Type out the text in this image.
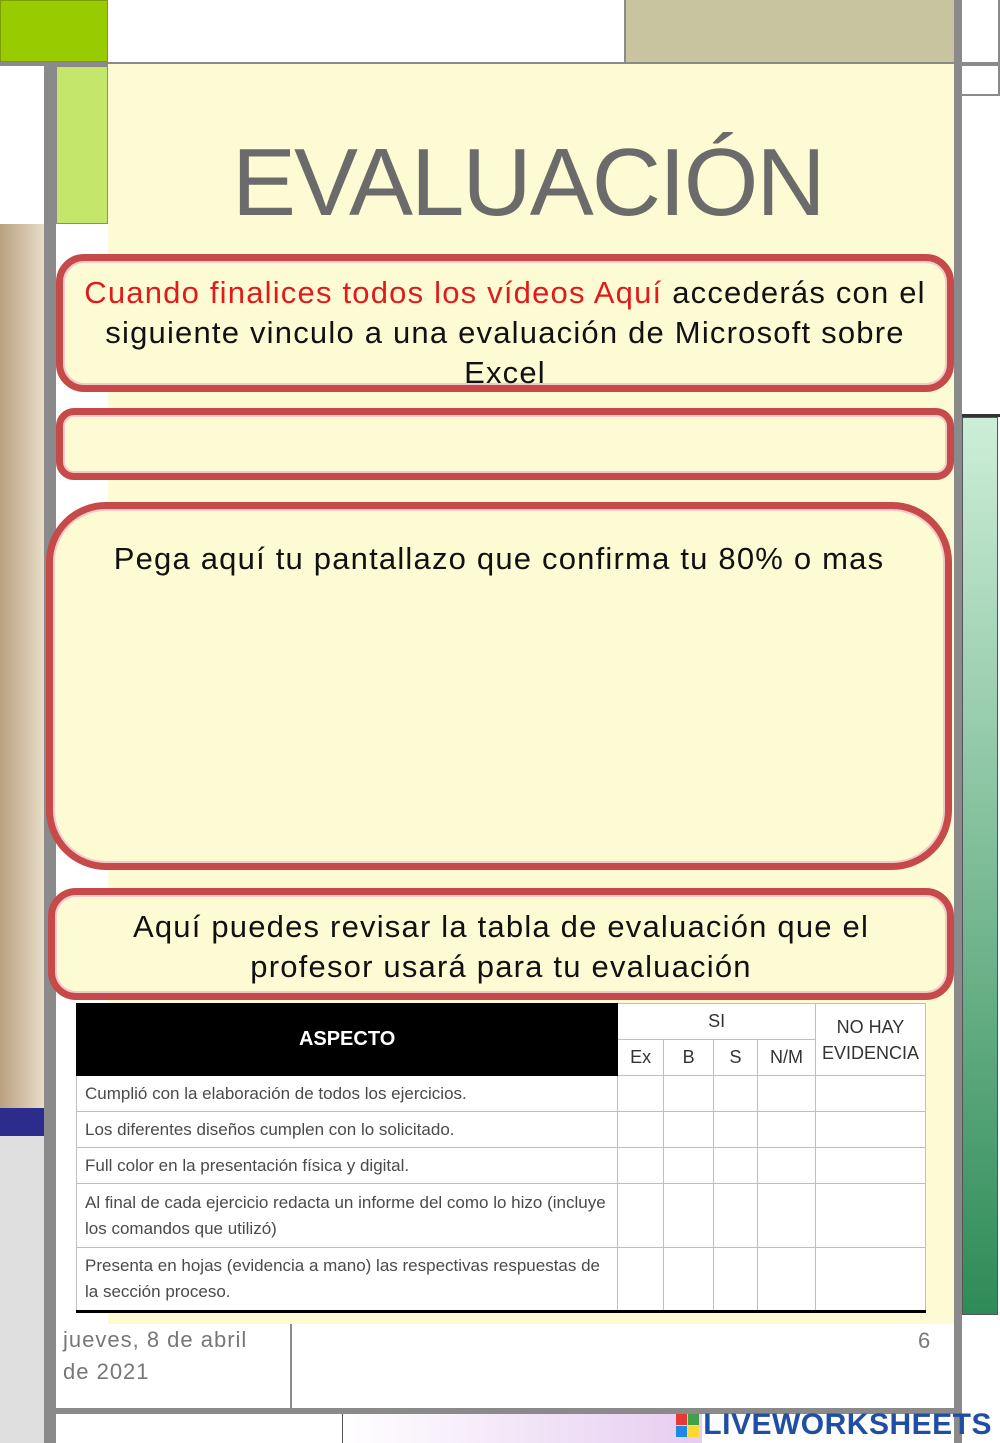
EVALUACIÓN
Cuando finalices todos los vídeos Aquí accederás con el siguiente vinculo a una evaluación de Microsoft sobre Excel
Pega aquí tu pantallazo que confirma tu 80% o mas
Aquí puedes revisar la tabla de evaluación que el profesor usará para tu evaluación
ASPECTO	SI				NO HAY EVIDENCIA
	Ex	B	S	N/M	
Cumplió con la elaboración de todos los ejercicios.					
Los diferentes diseños cumplen con lo solicitado.					
Full color en la presentación física y digital.					
Al final de cada ejercicio redacta un informe del como lo hizo (incluye los comandos que utilizó)					
Presenta en hojas (evidencia a mano) las respectivas respuestas de la sección proceso.					
jueves, 8 de abril de 2021
6
LIVEWORKSHEETS
